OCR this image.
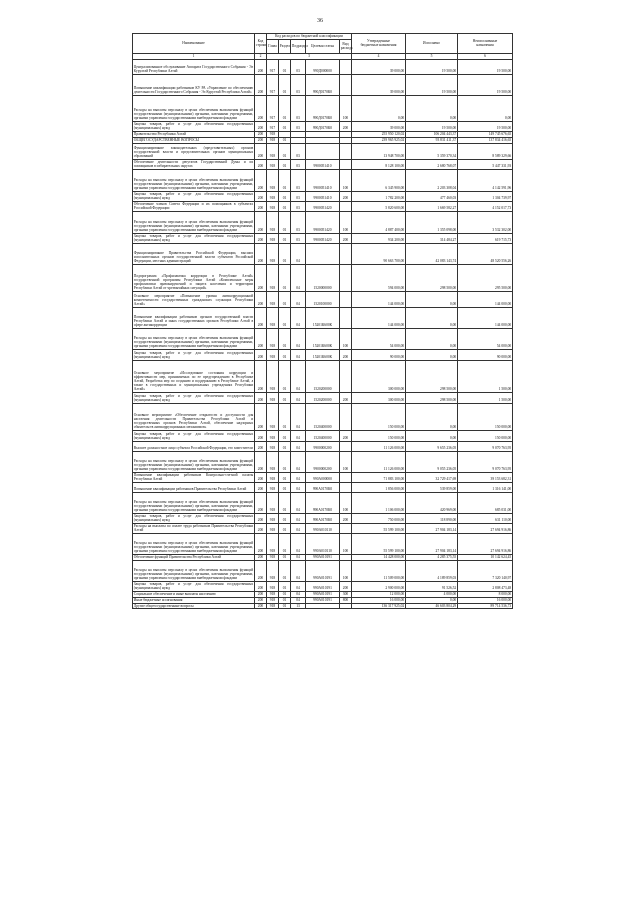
36
Наименование	Код
строки	Код расходов по бюджетной классификации					Утвержденные
бюджетные назначения	Исполнено	Неисполненные
назначения
		Глава	Раздел	Подраздел	Целевая статья	Вид
расхода			
1	2	3					4	5	6
Централизованное обслуживание Аппарата Государственного Собрания - Эл Курултай Республики Алтай	200	917	01	03	990Д000000		39 000,00	19 500,00	19 500,00
Повышение квалификации работников КУ РА «Управление по обеспечению деятельности Государственного Собрания - Эл Курултай Республики Алтай»	200	917	01	03	990Д0170К0		39 000,00	19 500,00	19 500,00
Расходы на выплаты персоналу в целях обеспечения выполнения функций государственными (муниципальными) органами, казенными учреждениями, органами управления государственными внебюджетными фондами	200	917	01	03	990Д0170К0	100	0,00	0,00	0,00
Закупка товаров, работ и услуг для обеспечения государственных (муниципальных) нужд	200	917	01	03	990Д0170К0	200	39 000,00	19 500,00	19 500,00
Правительство Республики Алтай	200	918					255 950 120,02	106 204 443,37	149 745 676,65
ОБЩЕГОСУДАРСТВЕННЫЕ ВОПРОСЫ	200	918	01				239 965 925,02	93 831 411,37	137 834 416,65
Функционирование законодательных (представительных) органов государственной власти и представительных органов муниципальных образований	200	918	01	03			13 948 700,00	5 359 370,34	8 589 329,66
Обеспечение деятельности депутатов Государственной Думы и их помощников в избирательных округах	200	918	01	03	9900051410		8 128 100,00	2 680 768,07	5 447 331,93
Расходы на выплаты персоналу в целях обеспечения выполнения функций государственными (муниципальными) органами, казенными учреждениями, органами управления государственными внебюджетными фондами	200	918	01	03	9900051410	100	6 345 900,00	2 203 308,04	4 142 591,96
Закупка товаров, работ и услуг для обеспечения государственных (муниципальных) нужд	200	918	01	03	9900051410	200	1 782 200,00	477 460,03	1 304 739,97
Обеспечение членов Совета Федерации и их помощников в субъектах Российской Федерации	200	918	01	03	9900051420		5 820 600,00	1 669 582,27	4 152 017,73
Расходы на выплаты персоналу в целях обеспечения выполнения функций государственными (муниципальными) органами, казенными учреждениями, органами управления государственными внебюджетными фондами	200	918	01	03	9900051420	100	4 887 400,00	1 355 098,00	3 532 302,00
Закупка товаров, работ и услуг для обеспечения государственных (муниципальных) нужд	200	918	01	03	9900051420	200	934 200,00	314 484,27	619 715,73
Функционирование Правительства Российской Федерации, высших исполнительных органов государственной власти субъектов Российской Федерации, местных администраций	200	918	01	04			90 663 700,00	42 083 143,74	48 520 556,26
Подпрограмма «Профилактика коррупции в Республике Алтай» государственной программы Республики Алтай «Комплексные меры профилактики правонарушений и защита населения и территории Республики Алтай от чрезвычайных ситуаций»	200	918	01	04	1520000000		594 000,00	298 500,00	295 500,00
Основное мероприятие «Повышение уровня антикоррупционной компетентности государственных гражданских служащих Республики Алтай»	200	918	01	04	1520100000		144 000,00	0,00	144 000,00
Повышение квалификации работников органов государственной власти Республики Алтай и иных государственных органов Республики Алтай в сфере антикоррупции	200	918	01	04	15201К600К		144 000,00	0,00	144 000,00
Расходы на выплаты персоналу в целях обеспечения выполнения функций государственными (муниципальными) органами, казенными учреждениями, органами управления государственными внебюджетными фондами	200	918	01	04	15201К600К	100	54 000,00	0,00	54 000,00
Закупка товаров, работ и услуг для обеспечения государственных (муниципальных) нужд	200	918	01	04	15201К600К	200	90 000,00	0,00	90 000,00
Основное мероприятие «Исследование состояния коррупции и эффективности мер, принимаемых по ее предупреждению в Республике Алтай, Разработка мер по созданию и поддержанию в Республике Алтай, а также в государственных и муниципальных учреждениях Республики Алтай»	200	918	01	04	1520200000		300 000,00	298 500,00	1 500,00
Закупка товаров, работ и услуг для обеспечения государственных (муниципальных) нужд	200	918	01	04	1520200000	200	300 000,00	298 500,00	1 500,00
Основное мероприятие «Обеспечение открытости и доступности для населения деятельности Правительства Республики Алтай и государственных органов Республики Алтай, обеспечение надзорных обязательств антикоррупционных механизмов»	200	918	01	04	1520400000		150 000,00	0,00	150 000,00
Закупка товаров, работ и услуг для обеспечения государственных (муниципальных) нужд	200	918	01	04	1520400000	200	150 000,00	0,00	150 000,00
Высшее должностное лицо субъекта Российской Федерации, его заместители	200	918	01	04	9900000200		11 126 000,00	9 655 236,05	9 070 763,95
Расходы на выплаты персоналу в целях обеспечения выполнения функций государственными (муниципальными) органами, казенными учреждениями, органами управления государственными внебюджетными фондами	200	918	01	04	9900000200	100	11 126 000,00	9 055 236,05	9 070 763,95
Повышение квалификации работников Контрольно-счетной палаты Республики Алтай	200	918	01	04	990А000000		71 883 100,00	32 729 417,69	39 153 682,31
Повышение квалификации работников Правительства Республики Алтай	200	918	01	04	990А0170К0		1 856 000,00	539 859,00	1 316 141,00
Расходы на выплаты персоналу в целях обеспечения выполнения функций государственными (муниципальными) органами, казенными учреждениями, органами управления государственными внебюджетными фондами	200	918	01	04	990А0170К0	100	1 106 000,00	420 969,00	685 031,00
Закупка товаров, работ и услуг для обеспечения государственных (муниципальных) нужд	200	918	01	04	990А0170К0	200	750 000,00	118 890,00	631 110,00
Расходы на выплаты по оплате труда работников Правительства Республики Алтай	200	918	01	04	990А010110		55 599 100,00	27 904 183,14	27 694 916,86
Расходы на выплаты персоналу в целях обеспечения выполнения функций государственными (муниципальными) органами, казенными учреждениями, органами управления государственными внебюджетными фондами	200	918	01	04	990А010110	100	55 599 100,00	27 904 183,14	27 694 916,86
Обеспечение функций Правительства Республики Алтай	200	918	01	04	990А010191		14 428 000,00	4 285 375,55	10 142 624,45
Расходы на выплаты персоналу в целях обеспечения выполнения функций государственными (муниципальными) органами, казенными учреждениями, органами управления государственными внебюджетными фондами	200	918	01	04	990А010191	100	11 509 000,00	4 189 859,03	7 320 140,97
Закупка товаров, работ и услуг для обеспечения государственных (муниципальных) нужд	200	918	01	04	990А010191	200	2 900 000,00	91 526,52	2 808 473,48
Социальное обеспечение и иные выплаты населению	200	918	01	04	990А010191	300	12 000,00	4 000,00	8 000,00
Иные бюджетные ассигнования	200	918	01	04	990А010191	800	16 000,00	0,00	16 000,00
Другие общегосударственные вопросы	200	918	01	13			136 317 925,02	46 603 804,29	89 714 536,73
